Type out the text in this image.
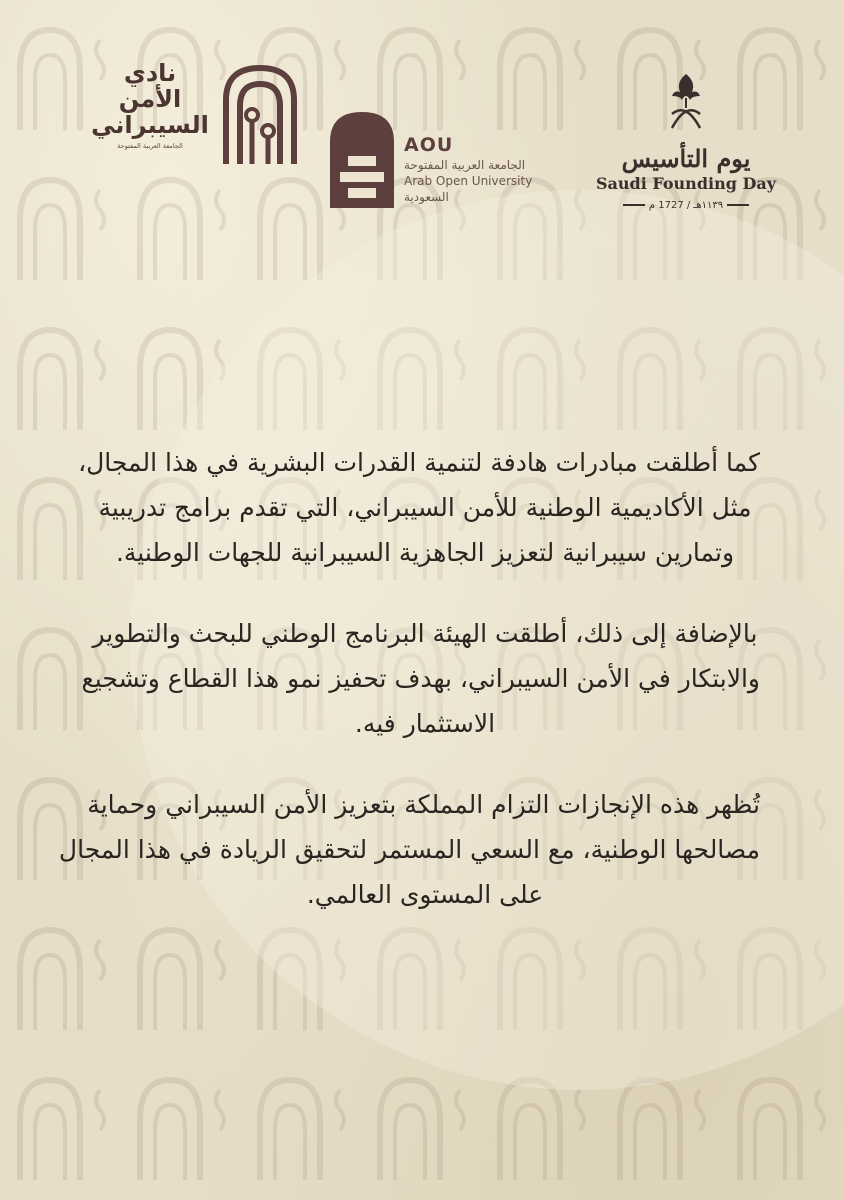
نادي
الأمن
السيبراني
الجامعة العربية المفتوحة	AOU
الجامعة العربية المفتوحة
Arab Open University
السعودية
يوم التأسيس
Saudi Founding Day
١١٣٩هـ / 1727 م

كما أطلقت مبادرات هادفة لتنمية القدرات البشرية في هذا المجال،
مثل الأكاديمية الوطنية للأمن السيبراني، التي تقدم برامج تدريبية
وتمارين سيبرانية لتعزيز الجاهزية السيبرانية للجهات الوطنية.

بالإضافة إلى ذلك، أطلقت الهيئة البرنامج الوطني للبحث والتطوير
والابتكار في الأمن السيبراني، بهدف تحفيز نمو هذا القطاع وتشجيع
الاستثمار فيه.

تُظهر هذه الإنجازات التزام المملكة بتعزيز الأمن السيبراني وحماية
مصالحها الوطنية، مع السعي المستمر لتحقيق الريادة في هذا المجال
على المستوى العالمي.
